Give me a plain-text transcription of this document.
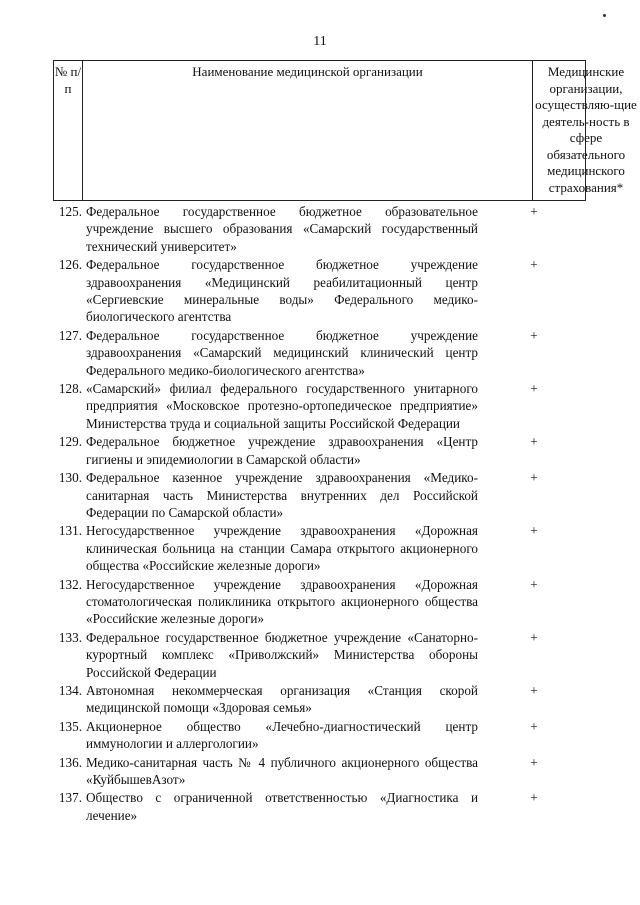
11
№ п/п
Наименование медицинской организации	Медицинские организации, осуществляю-щие деятель-ность в сфере обязательного медицинского страхования*
125. Федеральное государственное бюджетное образовательное учреждение высшего образования «Самарский государственный технический университет»
+
126. Федеральное государственное бюджетное учреждение здравоохранения «Медицинский реабилитационный центр «Сергиевские минеральные воды» Федерального медико-биологического агентства
+
127. Федеральное государственное бюджетное учреждение здравоохранения «Самарский медицинский клинический центр Федерального медико-биологического агентства»
+
128. «Самарский» филиал федерального государственного унитарного предприятия «Московское протезно-ортопедическое предприятие» Министерства труда и социальной защиты Российской Федерации
+
129. Федеральное бюджетное учреждение здравоохранения «Центр гигиены и эпидемиологии в Самарской области»
+
130. Федеральное казенное учреждение здравоохранения «Медико-санитарная часть Министерства внутренних дел Российской Федерации по Самарской области»
+
131. Негосударственное учреждение здравоохранения «Дорожная клиническая больница на станции Самара открытого акционерного общества «Российские железные дороги»
+
132. Негосударственное учреждение здравоохранения «Дорожная стоматологическая поликлиника открытого акционерного общества «Российские железные дороги»
+
133. Федеральное государственное бюджетное учреждение «Санаторно-курортный комплекс «Приволжский» Министерства обороны Российской Федерации
+
134. Автономная некоммерческая организация «Станция скорой медицинской помощи «Здоровая семья»
+
135. Акционерное общество «Лечебно-диагностический центр иммунологии и аллергологии»
+
136. Медико-санитарная часть № 4 публичного акционерного общества «КуйбышевАзот»
+
137. Общество с ограниченной ответственностью «Диагностика и лечение»
+
